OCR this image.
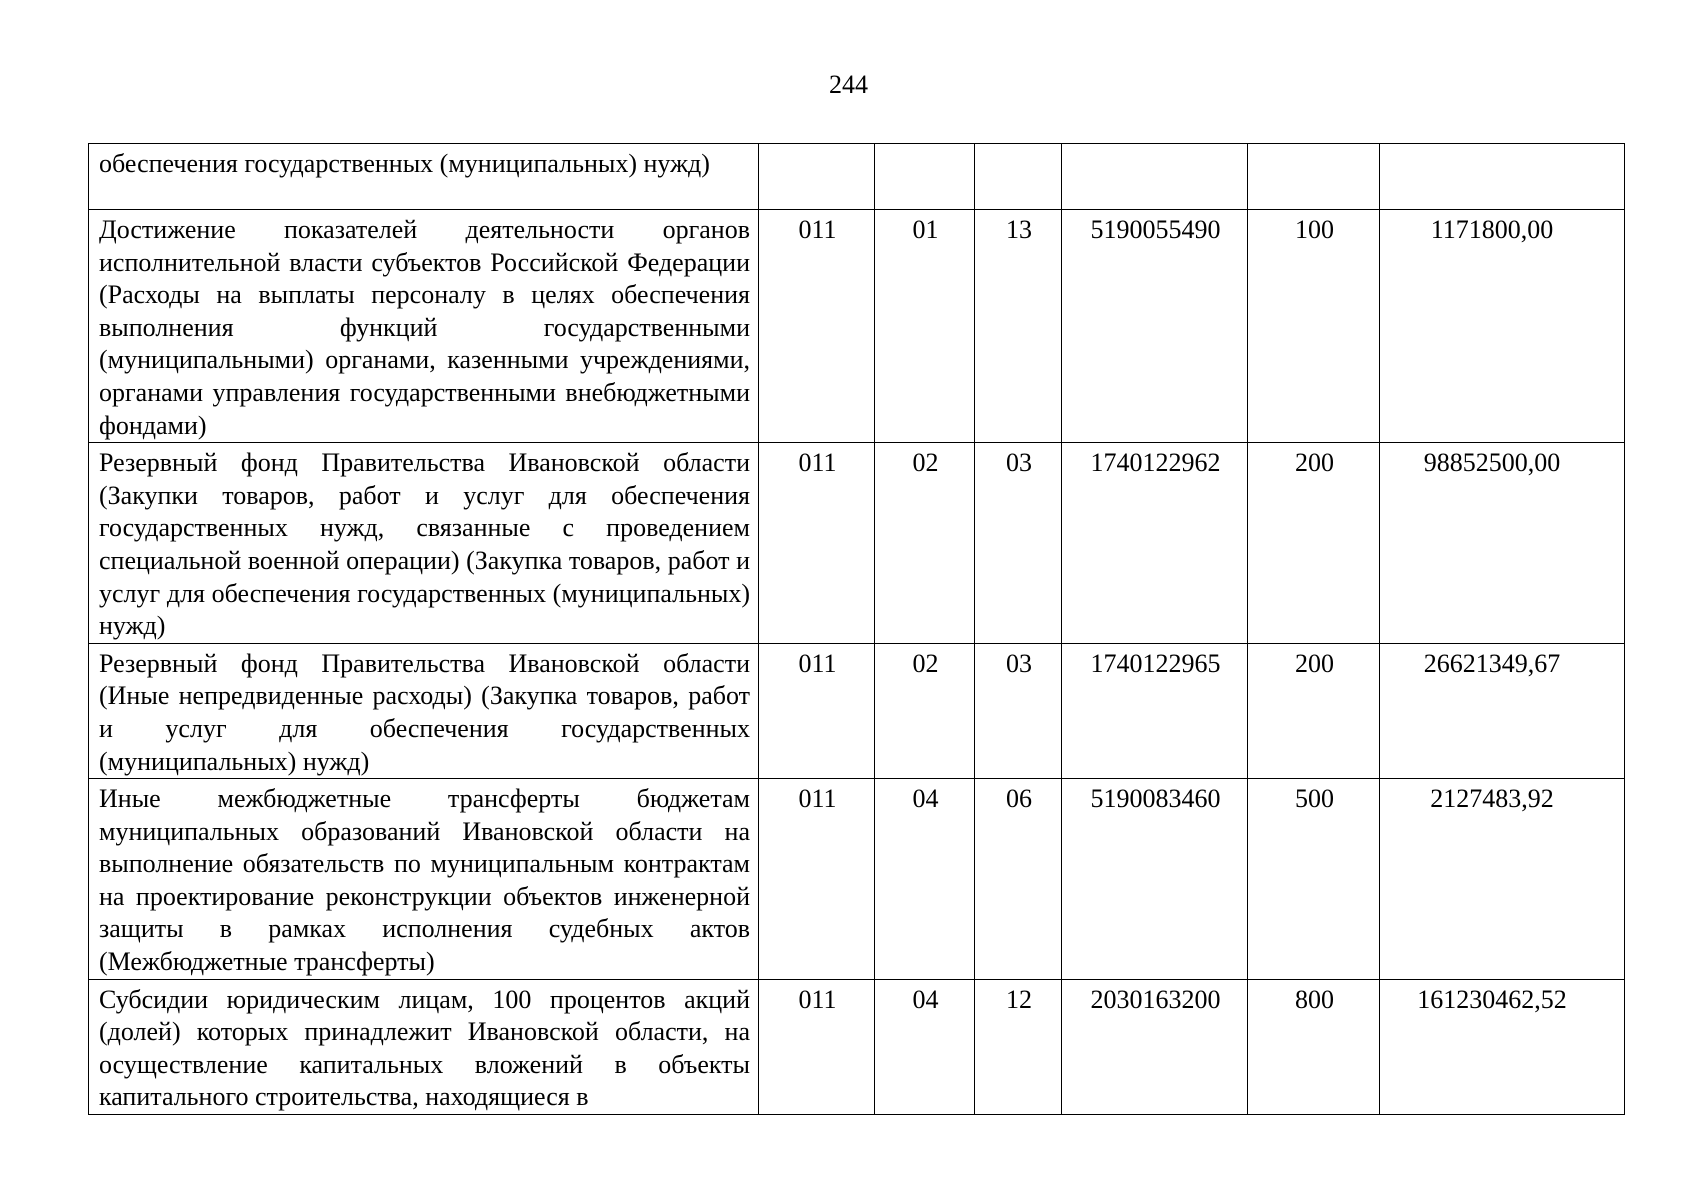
244
обеспечения государственных (муниципальных) нужд)						
Достижение показателей деятельности органов исполнительной власти субъектов Российской Федерации (Расходы на выплаты персоналу в целях обеспечения выполнения функций государственными (муниципальными) органами, казенными учреждениями, органами управления государственными внебюджетными фондами)	011	01	13	5190055490	100	1171800,00
Резервный фонд Правительства Ивановской области (Закупки товаров, работ и услуг для обеспечения государственных нужд, связанные с проведением специальной военной операции) (Закупка товаров, работ и услуг для обеспечения государственных (муниципальных) нужд)	011	02	03	1740122962	200	98852500,00
Резервный фонд Правительства Ивановской области (Иные непредвиденные расходы) (Закупка товаров, работ и услуг для обеспечения государственных (муниципальных) нужд)	011	02	03	1740122965	200	26621349,67
Иные межбюджетные трансферты бюджетам муниципальных образований Ивановской области на выполнение обязательств по муниципальным контрактам на проектирование реконструкции объектов инженерной защиты в рамках исполнения судебных актов (Межбюджетные трансферты)	011	04	06	5190083460	500	2127483,92
Субсидии юридическим лицам, 100 процентов акций (долей) которых принадлежит Ивановской области, на осуществление капитальных вложений в объекты капитального строительства, находящиеся в	011	04	12	2030163200	800	161230462,52
